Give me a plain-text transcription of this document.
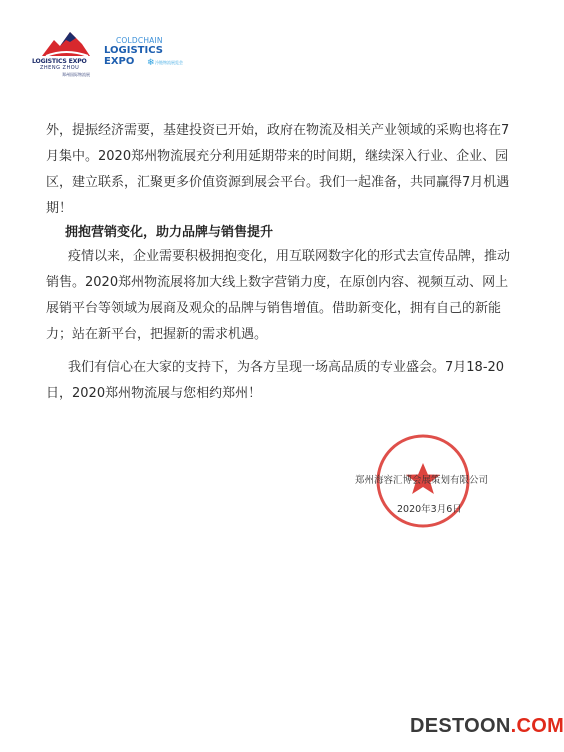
LOGISTICS EXPO
ZHENG ZHOU
郑州国际物流展
COLDCHAIN
LOGISTICS
EXPO ❄ 冷链物流展览会

外，提振经济需要，基建投资已开始，政府在物流及相关产业领域的采购也将在7月集中。2020郑州物流展充分利用延期带来的时间期，继续深入行业、企业、园区，建立联系，汇聚更多价值资源到展会平台。我们一起准备，共同赢得7月机遇期！

拥抱营销变化，助力品牌与销售提升

疫情以来，企业需要积极拥抱变化，用互联网数字化的形式去宣传品牌，推动销售。2020郑州物流展将加大线上数字营销力度，在原创内容、视频互动、网上展销平台等领域为展商及观众的品牌与销售增值。借助新变化，拥有自己的新能力；站在新平台，把握新的需求机遇。

我们有信心在大家的支持下，为各方呈现一场高品质的专业盛会。7月18-20日，2020郑州物流展与您相约郑州！

郑州海容汇博会展策划有限公司
2020年3月6日
DESTOON.COM
